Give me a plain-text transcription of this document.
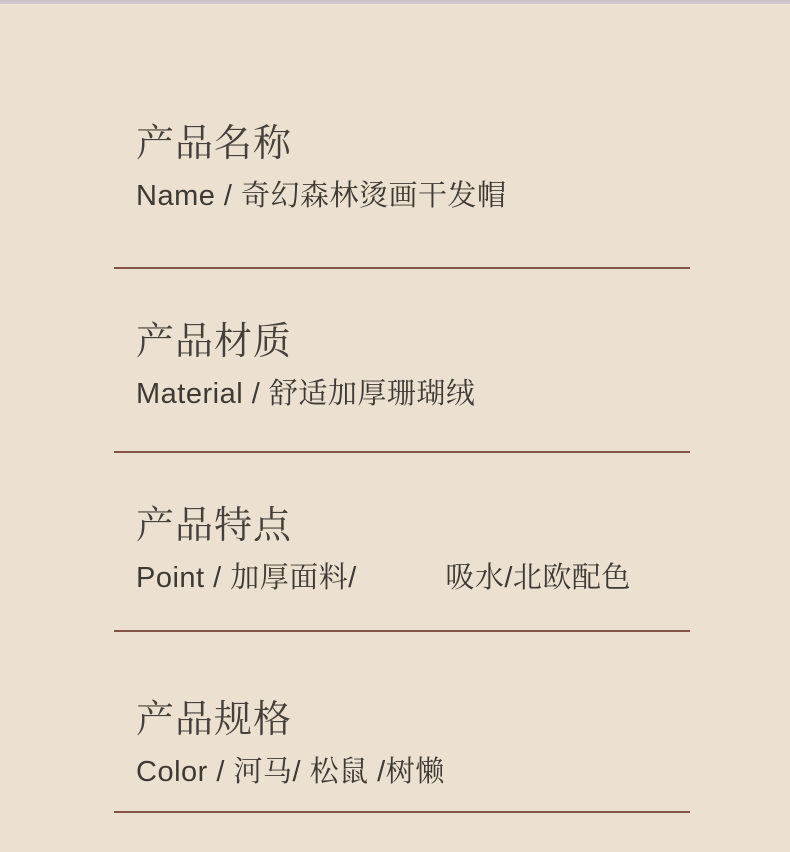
产品名称
Name / 奇幻森林烫画干发帽
产品材质
Material / 舒适加厚珊瑚绒
产品特点
Point / 加厚面料/　　　吸水/北欧配色
产品规格
Color / 河马/ 松鼠 /树懒
